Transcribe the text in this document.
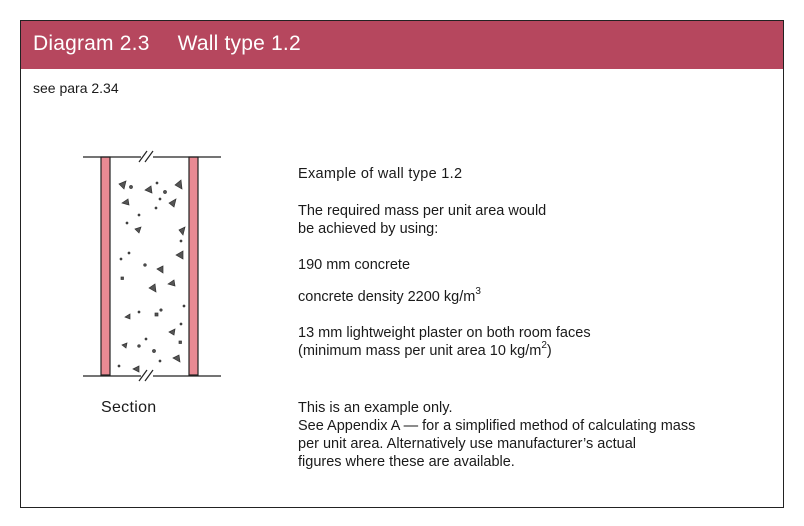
Diagram 2.3 Wall type 1.2
see para 2.34
Section
Example of wall type 1.2
The required mass per unit area would
be achieved by using:
190 mm concrete
concrete density 2200 $kg/m^3$
13 mm lightweight plaster on both room faces
(minimum mass per unit area 10 $kg/m^2$)
This is an example only.
See Appendix A — for a simplified method of calculating mass
per unit area. Alternatively use manufacturer’s actual
figures where these are available.
